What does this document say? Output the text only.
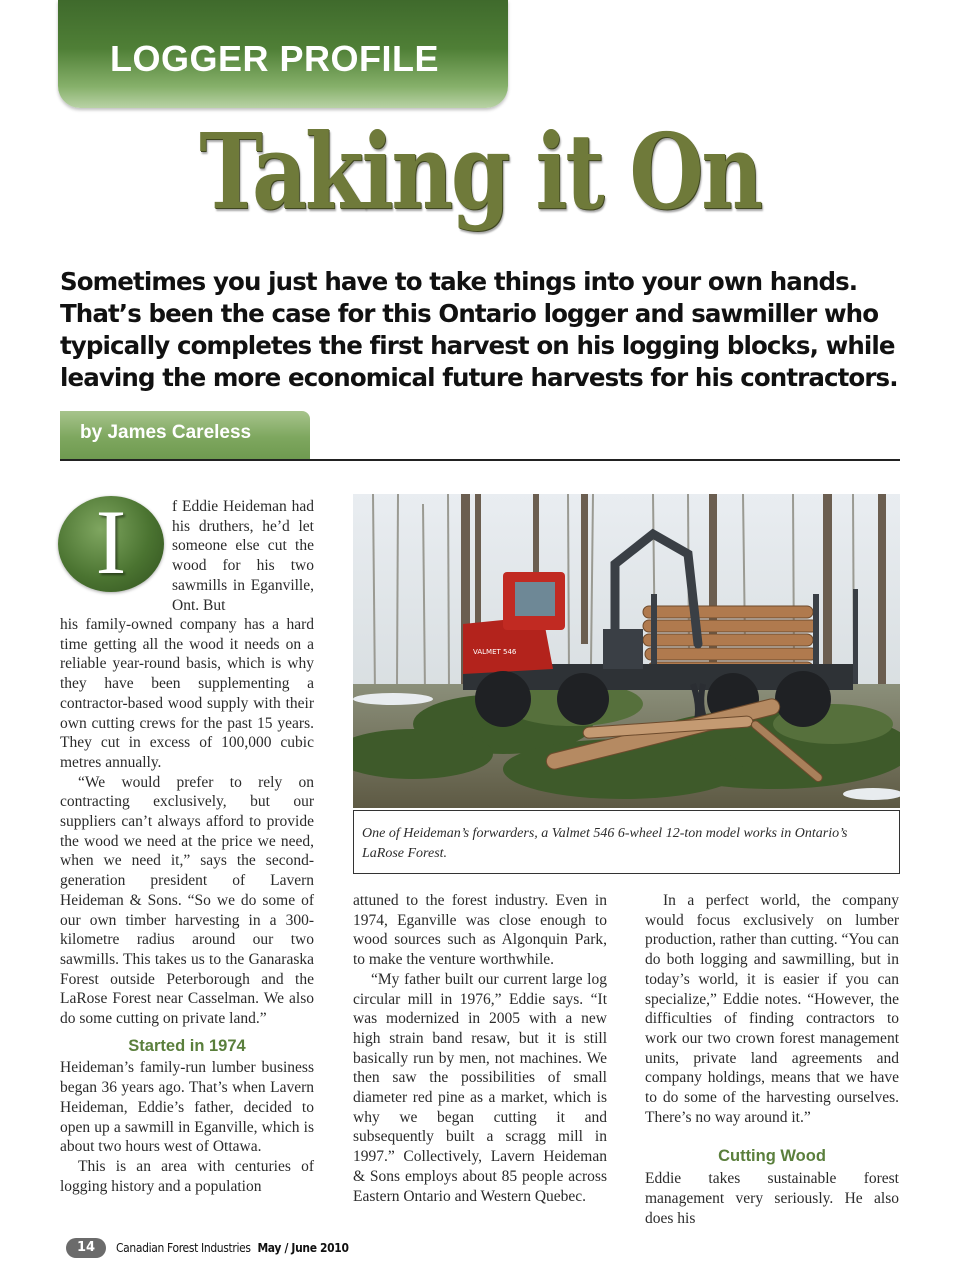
LOGGER PROFILE
Taking it On
Sometimes you just have to take things into your own hands. That’s been the case for this Ontario logger and sawmiller who typically completes the first harvest on his logging blocks, while leaving the more economical future harvests for his contractors.
by James Careless
I	f Eddie Heideman had his druthers, he’d let someone else cut the wood for his two sawmills in Eganville, Ont. But

his family-owned company has a hard time getting all the wood it needs on a reliable year-round basis, which is why they have been supplementing a contractor-based wood supply with their own cutting crews for the past 15 years. They cut in excess of 100,000 cubic metres annually.

“We would prefer to rely on contracting exclusively, but our suppliers can’t always afford to provide the wood we need at the price we need, when we need it,” says the second-generation president of Lavern Heideman & Sons. “So we do some of our own timber harvesting in a 300-kilometre radius around our two sawmills. This takes us to the Ganaraska Forest outside Peterborough and the LaRose Forest near Casselman. We also do some cutting on private land.”

Started in 1974

Heideman’s family-run lumber business began 36 years ago. That’s when Lavern Heideman, Eddie’s father, decided to open up a sawmill in Eganville, which is about two hours west of Ottawa.

This is an area with centuries of logging history and a population

VALMET 546
One of Heideman’s forwarders, a Valmet 546 6-wheel 12-ton model works in Ontario’s LaRose Forest.

attuned to the forest industry. Even in 1974, Eganville was close enough to wood sources such as Algonquin Park, to make the venture worthwhile.

“My father built our current large log circular mill in 1976,” Eddie says. “It was modernized in 2005 with a new high strain band resaw, but it is still basically run by men, not machines. We then saw the possibilities of small diameter red pine as a market, which is why we began cutting it and subsequently built a scragg mill in 1997.” Collectively, Lavern Heideman & Sons employs about 85 people across Eastern Ontario and Western Quebec.

In a perfect world, the company would focus exclusively on lumber production, rather than cutting. “You can do both logging and sawmilling, but in today’s world, it is easier if you can specialize,” Eddie notes. “However, the difficulties of finding contractors to work our two crown forest management units, private land agreements and company holdings, means that we have to do some of the harvesting ourselves. There’s no way around it.”

Cutting Wood

Eddie takes sustainable forest management very seriously. He also does his

14	Canadian Forest Industries May / June 2010
